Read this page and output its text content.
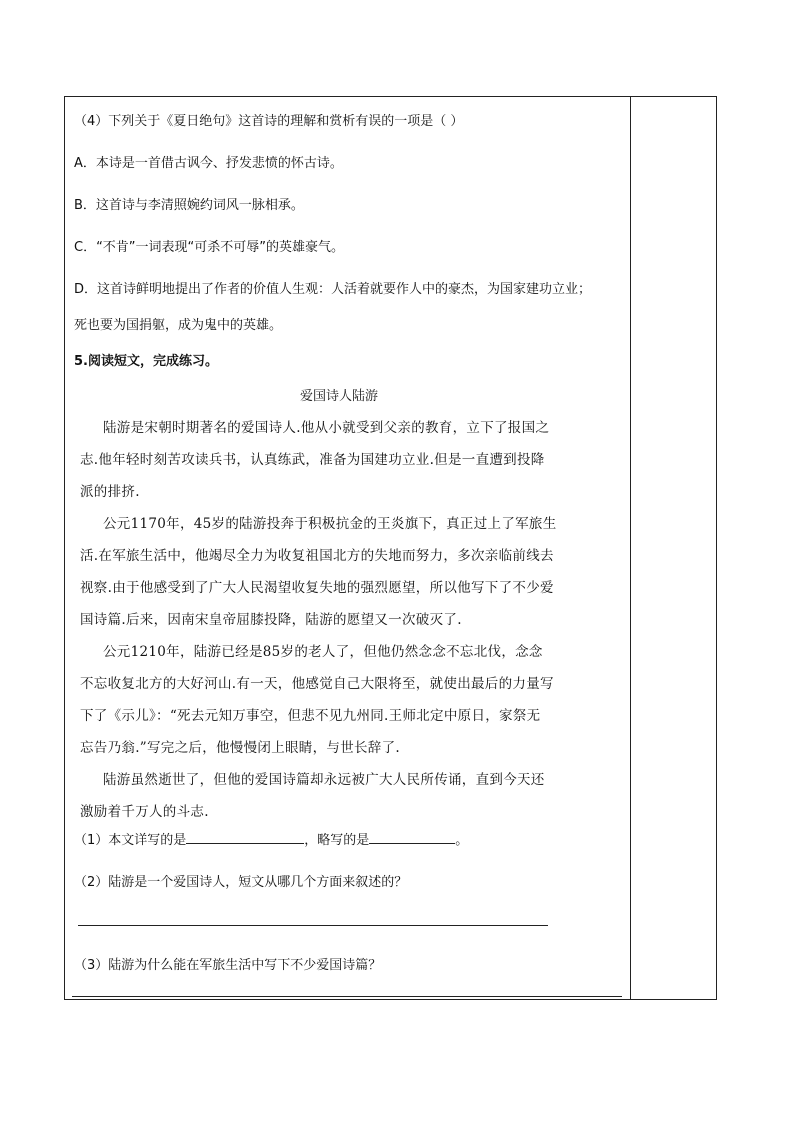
（4）下列关于《夏日绝句》这首诗的理解和赏析有误的一项是（ ）
A．本诗是一首借古讽今、抒发悲愤的怀古诗。
B．这首诗与李清照婉约词风一脉相承。
C．“不肯”一词表现“可杀不可辱”的英雄豪气。
D．这首诗鲜明地提出了作者的价值人生观：人活着就要作人中的豪杰，为国家建功立业；
死也要为国捐躯，成为鬼中的英雄。
5.阅读短文，完成练习。
爱国诗人陆游
陆游是宋朝时期著名的爱国诗人.他从小就受到父亲的教育，立下了报国之
志.他年轻时刻苦攻读兵书，认真练武，准备为国建功立业.但是一直遭到投降
派的排挤.
公元1170年，45岁的陆游投奔于积极抗金的王炎旗下，真正过上了军旅生
活.在军旅生活中，他竭尽全力为收复祖国北方的失地而努力，多次亲临前线去
视察.由于他感受到了广大人民渴望收复失地的强烈愿望，所以他写下了不少爱
国诗篇.后来，因南宋皇帝屈膝投降，陆游的愿望又一次破灭了.
公元1210年，陆游已经是85岁的老人了，但他仍然念念不忘北伐，念念
不忘收复北方的大好河山.有一天，他感觉自己大限将至，就使出最后的力量写
下了《示儿》：“死去元知万事空，但悲不见九州同.王师北定中原日，家祭无
忘告乃翁.”写完之后，他慢慢闭上眼睛，与世长辞了.
陆游虽然逝世了，但他的爱国诗篇却永远被广大人民所传诵，直到今天还
激励着千万人的斗志.
（1）本文详写的是	，略写的是	。
（2）陆游是一个爱国诗人，短文从哪几个方面来叙述的？
（3）陆游为什么能在军旅生活中写下不少爱国诗篇？
